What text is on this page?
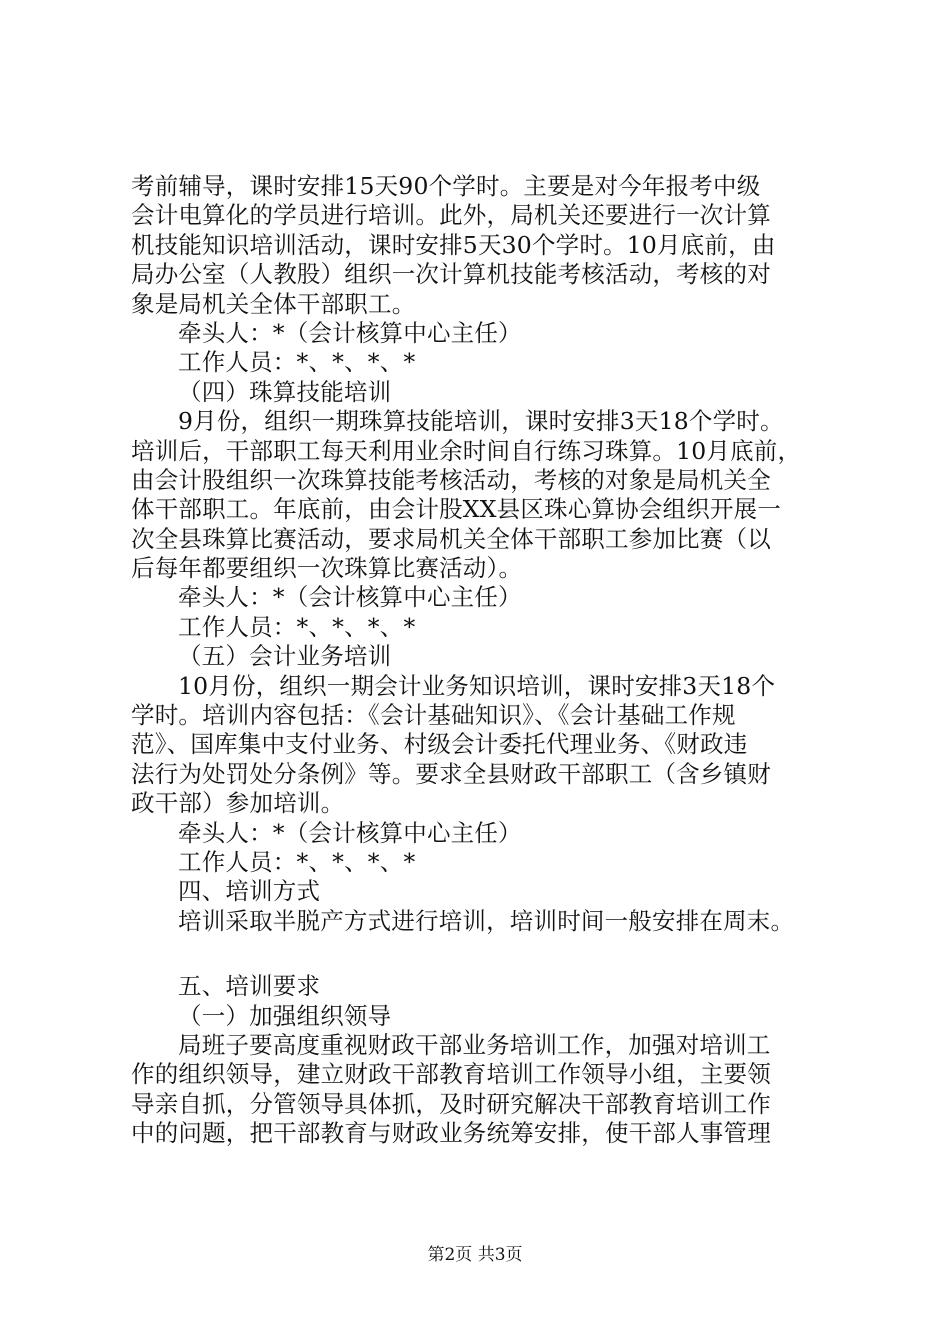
考前辅导，课时安排15天90个学时。主要是对今年报考中级
会计电算化的学员进行培训。此外，局机关还要进行一次计算
机技能知识培训活动，课时安排5天30个学时。10月底前，由
局办公室（人教股）组织一次计算机技能考核活动，考核的对
象是局机关全体干部职工。
牵头人：*（会计核算中心主任）
工作人员：*、*、*、*
（四）珠算技能培训
9月份，组织一期珠算技能培训，课时安排3天18个学时。
培训后，干部职工每天利用业余时间自行练习珠算。10月底前，
由会计股组织一次珠算技能考核活动，考核的对象是局机关全
体干部职工。年底前，由会计股XX县区珠心算协会组织开展一
次全县珠算比赛活动，要求局机关全体干部职工参加比赛（以
后每年都要组织一次珠算比赛活动）。
牵头人：*（会计核算中心主任）
工作人员：*、*、*、*
（五）会计业务培训
10月份，组织一期会计业务知识培训，课时安排3天18个
学时。培训内容包括：《会计基础知识》、《会计基础工作规
范》、国库集中支付业务、村级会计委托代理业务、《财政违
法行为处罚处分条例》等。要求全县财政干部职工（含乡镇财
政干部）参加培训。
牵头人：*（会计核算中心主任）
工作人员：*、*、*、*
四、培训方式
培训采取半脱产方式进行培训，培训时间一般安排在周末。
五、培训要求
（一）加强组织领导
局班子要高度重视财政干部业务培训工作，加强对培训工
作的组织领导，建立财政干部教育培训工作领导小组，主要领
导亲自抓，分管领导具体抓，及时研究解决干部教育培训工作
中的问题，把干部教育与财政业务统筹安排，使干部人事管理
第2页 共3页
